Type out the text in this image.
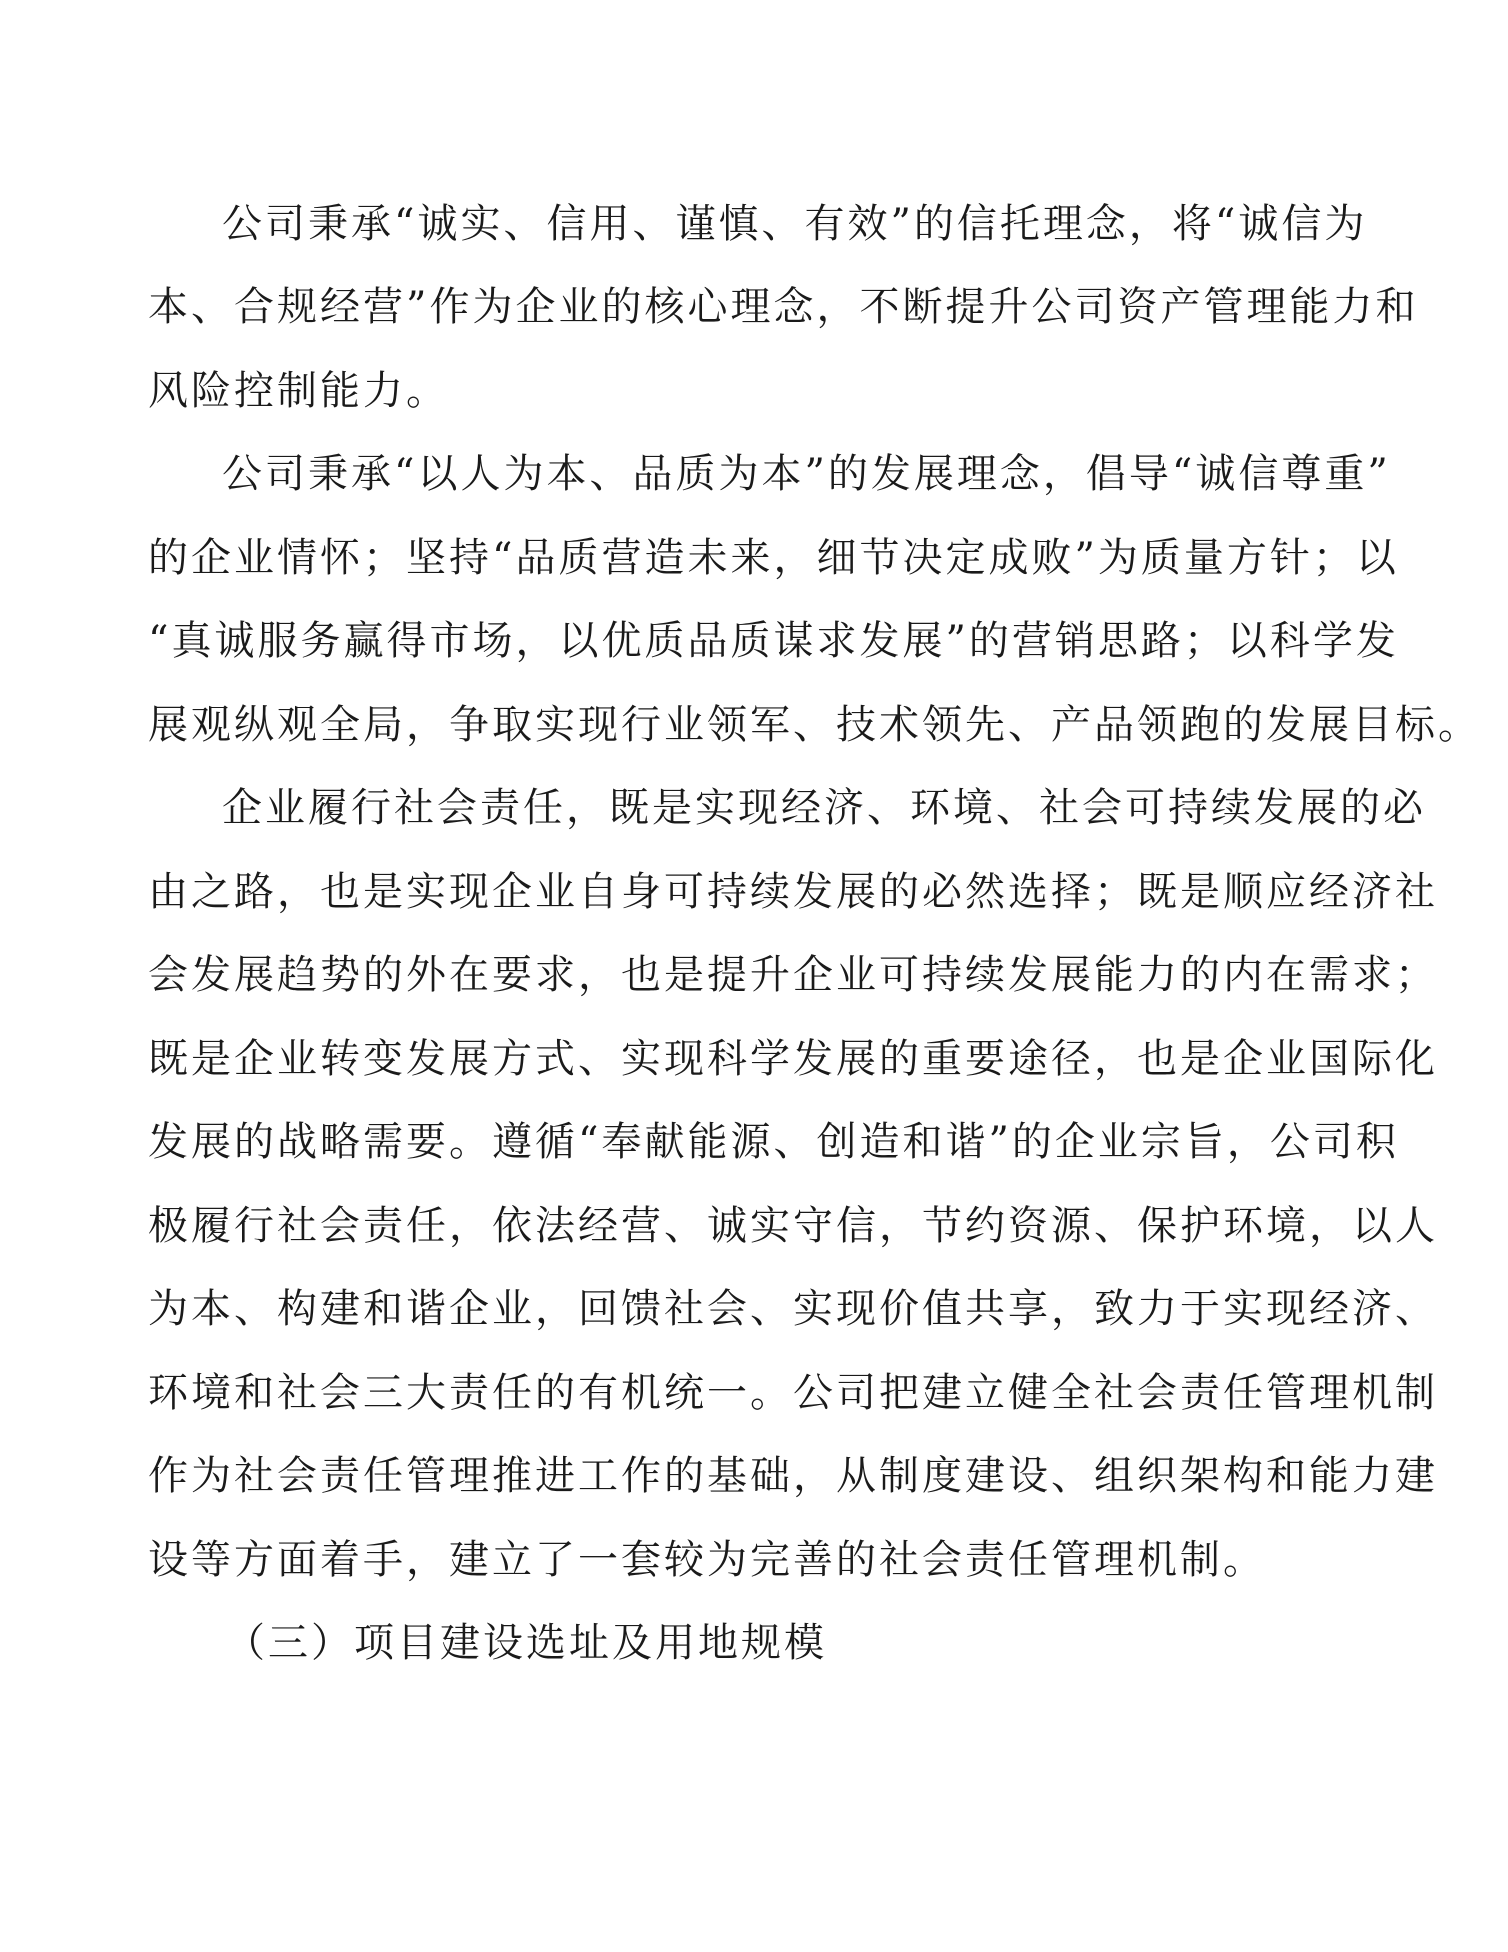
公司秉承“诚实、信用、谨慎、有效”的信托理念，将“诚信为
本、合规经营”作为企业的核心理念，不断提升公司资产管理能力和
风险控制能力。
公司秉承“以人为本、品质为本”的发展理念，倡导“诚信尊重”
的企业情怀；坚持“品质营造未来，细节决定成败”为质量方针；以
“真诚服务赢得市场，以优质品质谋求发展”的营销思路；以科学发
展观纵观全局，争取实现行业领军、技术领先、产品领跑的发展目标。
企业履行社会责任，既是实现经济、环境、社会可持续发展的必
由之路，也是实现企业自身可持续发展的必然选择；既是顺应经济社
会发展趋势的外在要求，也是提升企业可持续发展能力的内在需求；
既是企业转变发展方式、实现科学发展的重要途径，也是企业国际化
发展的战略需要。遵循“奉献能源、创造和谐”的企业宗旨，公司积
极履行社会责任，依法经营、诚实守信，节约资源、保护环境，以人
为本、构建和谐企业，回馈社会、实现价值共享，致力于实现经济、
环境和社会三大责任的有机统一。公司把建立健全社会责任管理机制
作为社会责任管理推进工作的基础，从制度建设、组织架构和能力建
设等方面着手，建立了一套较为完善的社会责任管理机制。
（三）项目建设选址及用地规模
